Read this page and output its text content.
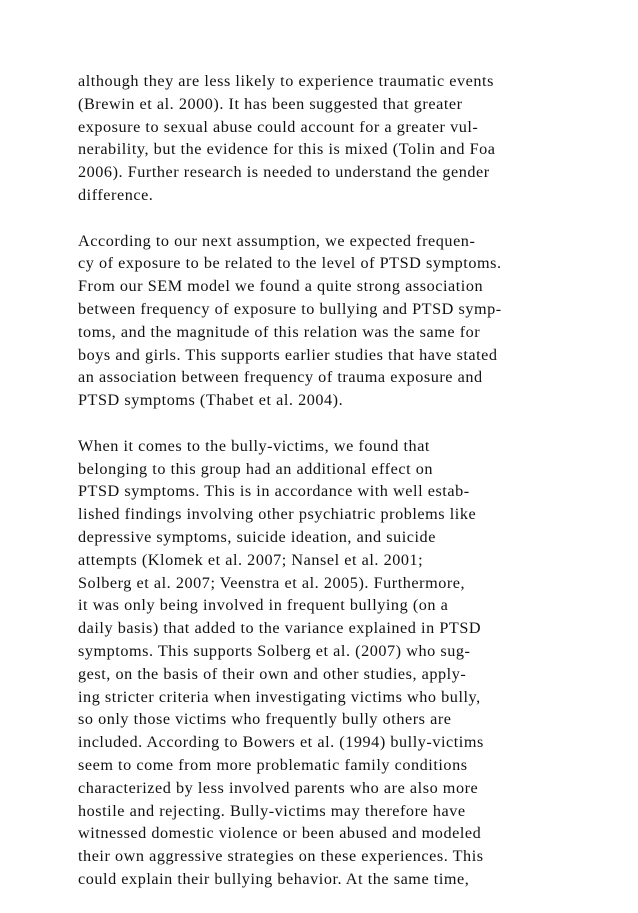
although they are less likely to experience traumatic events
(Brewin et al. 2000). It has been suggested that greater
exposure to sexual abuse could account for a greater vul-
nerability, but the evidence for this is mixed (Tolin and Foa
2006). Further research is needed to understand the gender
difference.

According to our next assumption, we expected frequen-
cy of exposure to be related to the level of PTSD symptoms.
From our SEM model we found a quite strong association
between frequency of exposure to bullying and PTSD symp-
toms, and the magnitude of this relation was the same for
boys and girls. This supports earlier studies that have stated
an association between frequency of trauma exposure and
PTSD symptoms (Thabet et al. 2004).

When it comes to the bully-victims, we found that
belonging to this group had an additional effect on
PTSD symptoms. This is in accordance with well estab-
lished findings involving other psychiatric problems like
depressive symptoms, suicide ideation, and suicide
attempts (Klomek et al. 2007; Nansel et al. 2001;
Solberg et al. 2007; Veenstra et al. 2005). Furthermore,
it was only being involved in frequent bullying (on a
daily basis) that added to the variance explained in PTSD
symptoms. This supports Solberg et al. (2007) who sug-
gest, on the basis of their own and other studies, apply-
ing stricter criteria when investigating victims who bully,
so only those victims who frequently bully others are
included. According to Bowers et al. (1994) bully-victims
seem to come from more problematic family conditions
characterized by less involved parents who are also more
hostile and rejecting. Bully-victims may therefore have
witnessed domestic violence or been abused and modeled
their own aggressive strategies on these experiences. This
could explain their bullying behavior. At the same time,
